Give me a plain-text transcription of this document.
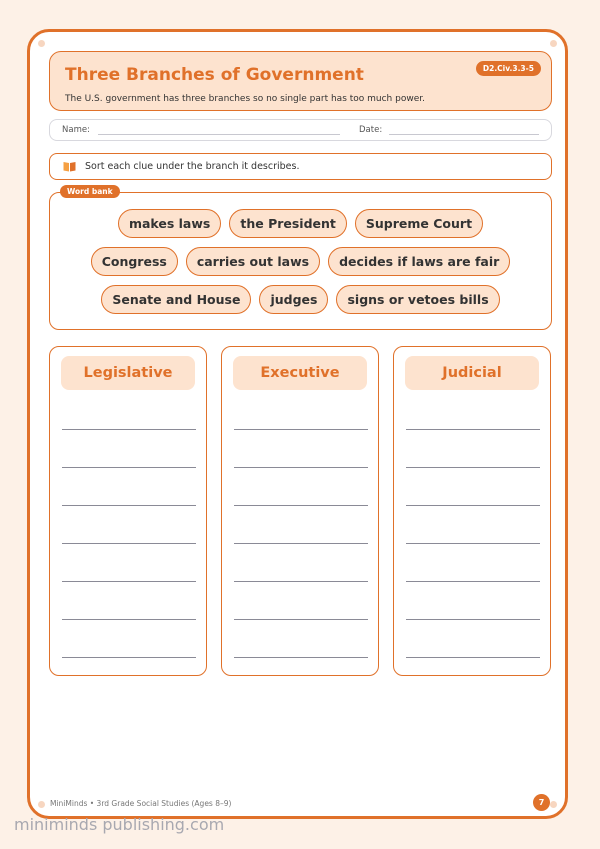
Three Branches of Government
The U.S. government has three branches so no single part has too much power.
D2.Civ.3.3-5
Name:	Date:
Sort each clue under the branch it describes.
Word bank
makes laws	the President	Supreme Court
Congress	carries out laws	decides if laws are fair
Senate and House	judges	signs or vetoes bills
Legislative	Executive	Judicial
MiniMinds • 3rd Grade Social Studies (Ages 8–9)	7
miniminds publishing.com
